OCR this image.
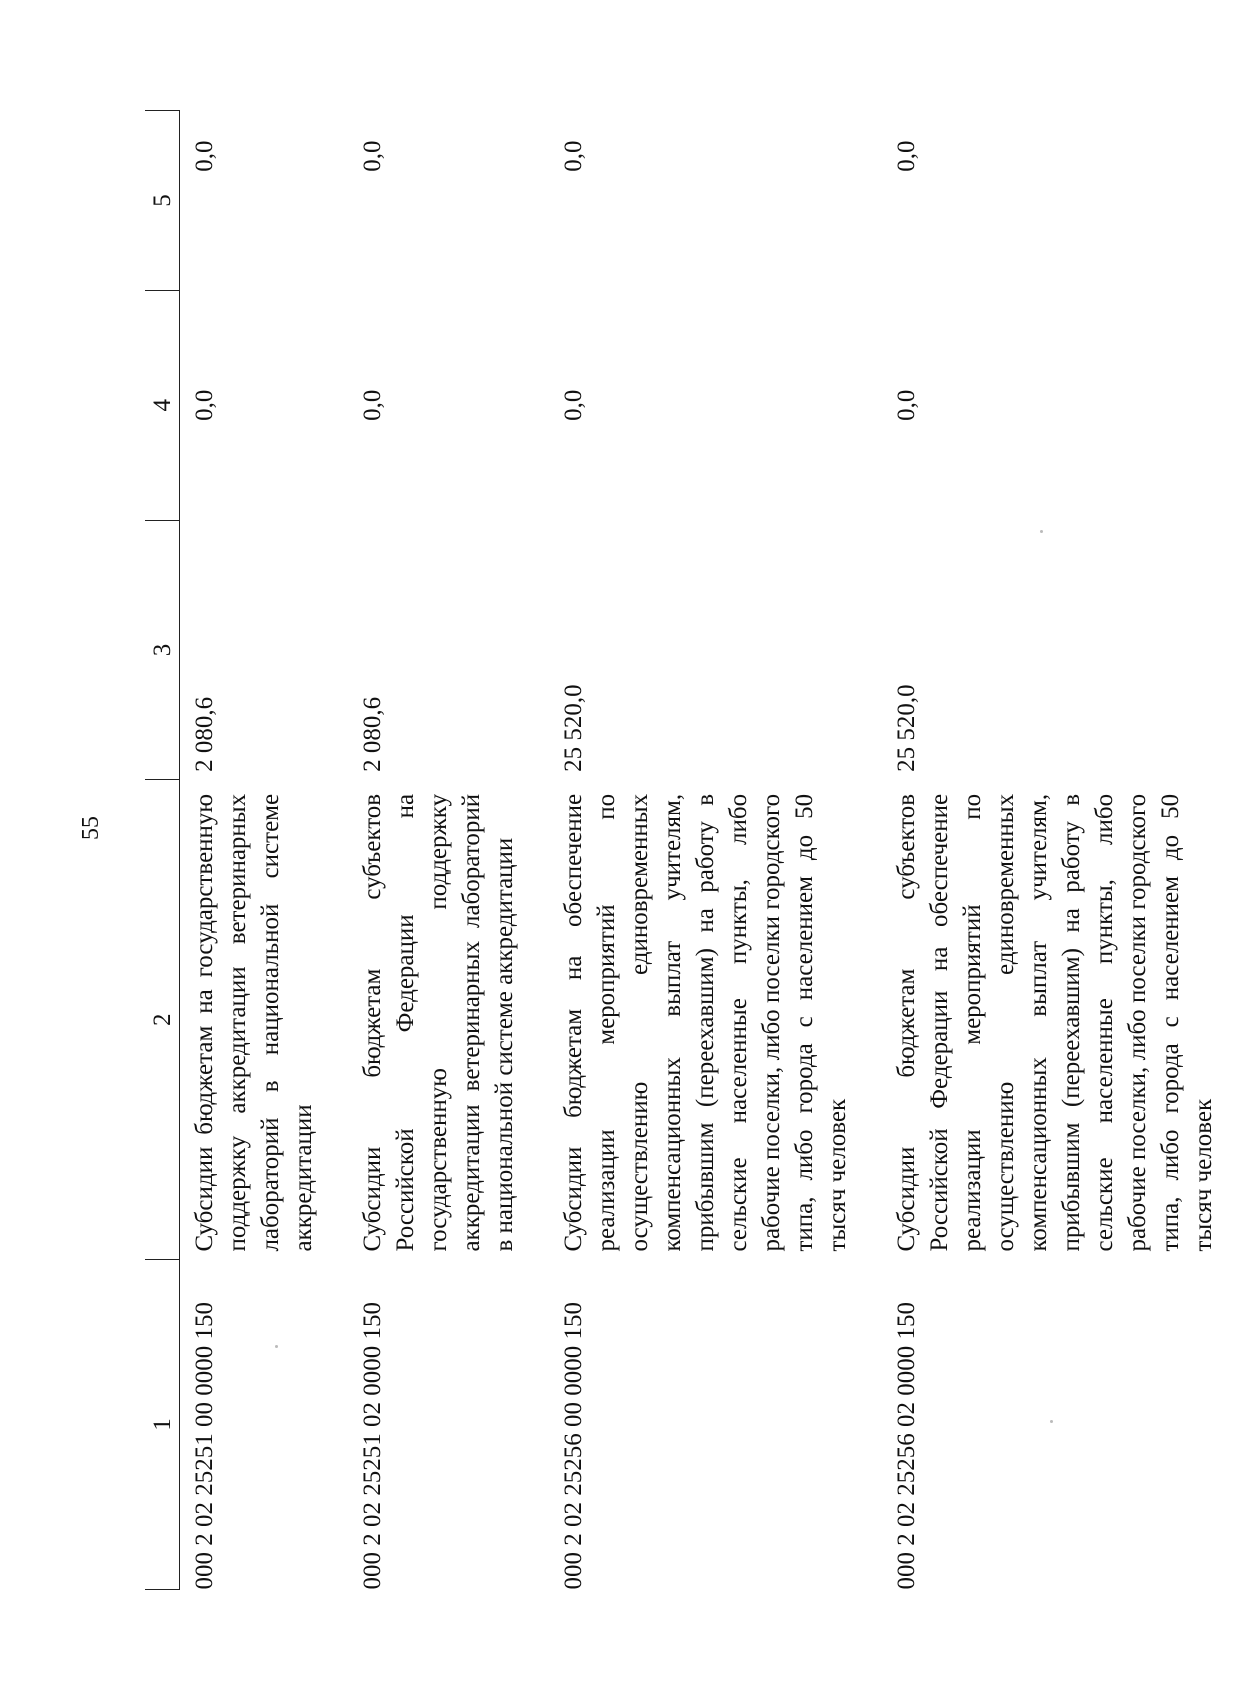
55
1	2	3	4	5
000 2 02 25251 00 0000 150	Субсидии бюджетам на государственную поддержку аккредитации ветеринарных лабораторий в национальной системе аккредитации	2 080,6	0,0	0,0
000 2 02 25251 02 0000 150	Субсидии бюджетам субъектов Российской Федерации на государственную поддержку аккредитации ветеринарных лабораторий в национальной системе аккредитации	2 080,6	0,0	0,0
000 2 02 25256 00 0000 150	Субсидии бюджетам на обеспечение реализации мероприятий по осуществлению единовременных компенсационных выплат учителям, прибывшим (переехавшим) на работу в сельские населенные пункты, либо рабочие поселки, либо поселки городского типа, либо города с населением до 50 тысяч человек	25 520,0	0,0	0,0
000 2 02 25256 02 0000 150	Субсидии бюджетам субъектов Российской Федерации на обеспечение реализации мероприятий по осуществлению единовременных компенсационных выплат учителям, прибывшим (переехавшим) на работу в сельские населенные пункты, либо рабочие поселки, либо поселки городского типа, либо города с населением до 50 тысяч человек	25 520,0	0,0	0,0
